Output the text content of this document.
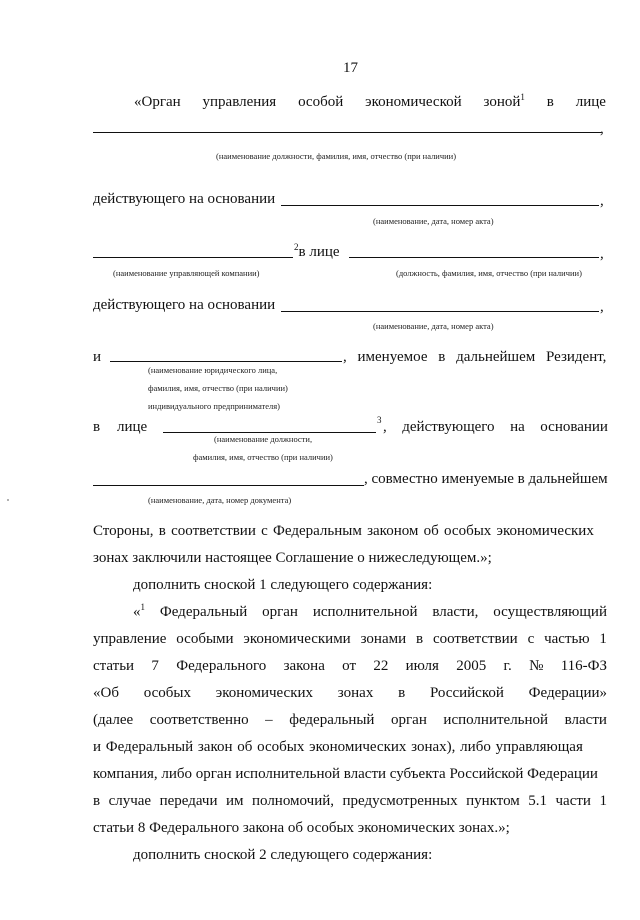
17
«Орган управления особой экономической зоной$^1$ в лице
,
(наименование должности, фамилия, имя, отчество (при наличии)
действующего на основании	,
(наименование, дата, номер акта)
$^2$в лице	,
(наименование управляющей компании)	(должность, фамилия, имя, отчество (при наличии)
действующего на основании	,
(наименование, дата, номер акта)
и	, именуемое в дальнейшем Резидент,
(наименование юридического лица,
фамилия, имя, отчество (при наличии)
индивидуального предпринимателя)
в лице	$^3$ , действующего на основании
(наименование должности,
фамилия, имя, отчество (при наличии)
, совместно именуемые в дальнейшем
(наименование, дата, номер документа)
Стороны, в соответствии с Федеральным законом об особых экономических
зонах заключили настоящее Соглашение о нижеследующем.»;
дополнить сноской 1 следующего содержания:
«$^1$ Федеральный орган исполнительной власти, осуществляющий
управление особыми экономическими зонами в соответствии с частью 1
статьи 7 Федерального закона от 22 июля 2005 г. № 116-ФЗ
«Об особых экономических зонах в Российской Федерации»
(далее соответственно – федеральный орган исполнительной власти
и Федеральный закон об особых экономических зонах), либо управляющая
компания, либо орган исполнительной власти субъекта Российской Федерации
в случае передачи им полномочий, предусмотренных пунктом 5.1 части 1
статьи 8 Федерального закона об особых экономических зонах.»;
дополнить сноской 2 следующего содержания:
